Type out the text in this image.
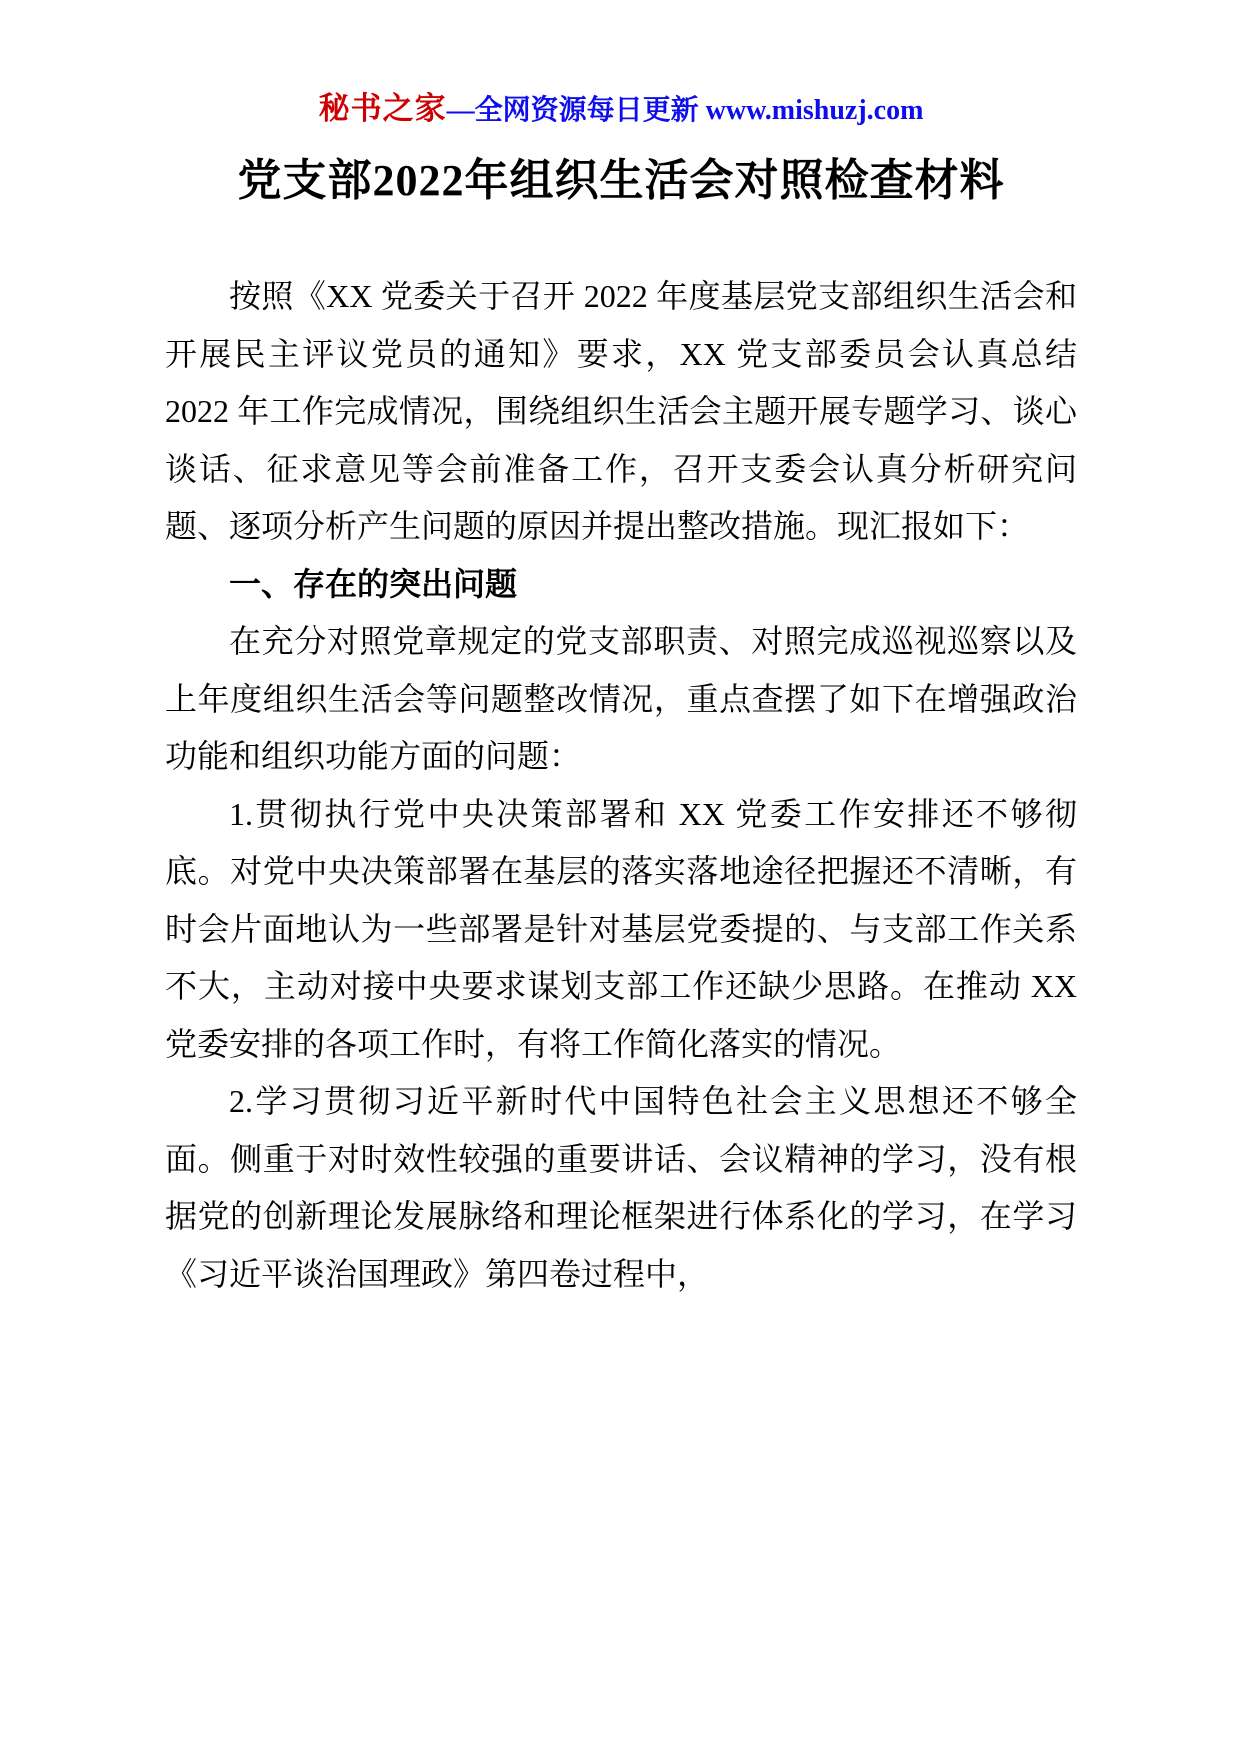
秘书之家—全网资源每日更新 www.mishuzj.com
党支部2022年组织生活会对照检查材料

按照《XX 党委关于召开 2022 年度基层党支部组织生活会和开展民主评议党员的通知》要求，XX 党支部委员会认真总结 2022 年工作完成情况，围绕组织生活会主题开展专题学习、谈心谈话、征求意见等会前准备工作，召开支委会认真分析研究问题、逐项分析产生问题的原因并提出整改措施。现汇报如下：

一、存在的突出问题

在充分对照党章规定的党支部职责、对照完成巡视巡察以及上年度组织生活会等问题整改情况，重点查摆了如下在增强政治功能和组织功能方面的问题：

1.贯彻执行党中央决策部署和 XX 党委工作安排还不够彻底。对党中央决策部署在基层的落实落地途径把握还不清晰，有时会片面地认为一些部署是针对基层党委提的、与支部工作关系不大，主动对接中央要求谋划支部工作还缺少思路。在推动 XX 党委安排的各项工作时，有将工作简化落实的情况。

2.学习贯彻习近平新时代中国特色社会主义思想还不够全面。侧重于对时效性较强的重要讲话、会议精神的学习，没有根据党的创新理论发展脉络和理论框架进行体系化的学习，在学习《习近平谈治国理政》第四卷过程中，
